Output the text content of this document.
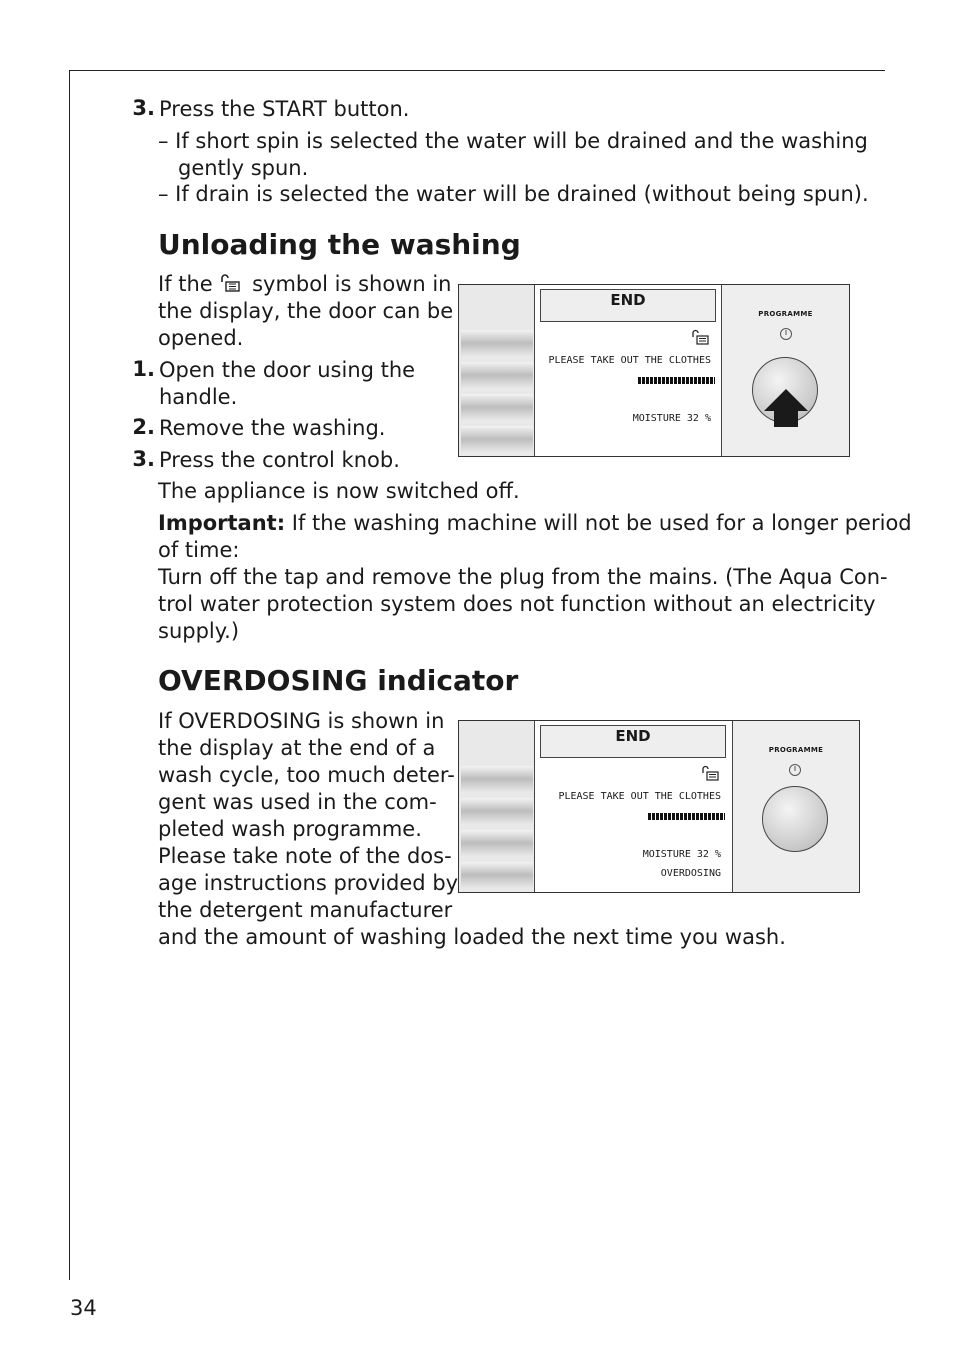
3. Press the START button.
– If short spin is selected the water will be drained and the washing
gently spun.
– If drain is selected the water will be drained (without being spun).
Unloading the washing
If the symbol is shown in
the display, the door can be
opened.
1. Open the door using the
handle.
2. Remove the washing.
3. Press the control knob.
The appliance is now switched off.
Important: If the washing machine will not be used for a longer period
of time:
Turn off the tap and remove the plug from the mains. (The Aqua Con-
trol water protection system does not function without an electricity
supply.)
END
PLEASE TAKE OUT THE CLOTHES
MOISTURE 32 %
PROGRAMME
OVERDOSING indicator
If OVERDOSING is shown in
the display at the end of a
wash cycle, too much deter-
gent was used in the com-
pleted wash programme.
Please take note of the dos-
age instructions provided by
the detergent manufacturer
and the amount of washing loaded the next time you wash.
END
PLEASE TAKE OUT THE CLOTHES
MOISTURE 32 %
OVERDOSING
PROGRAMME
34
